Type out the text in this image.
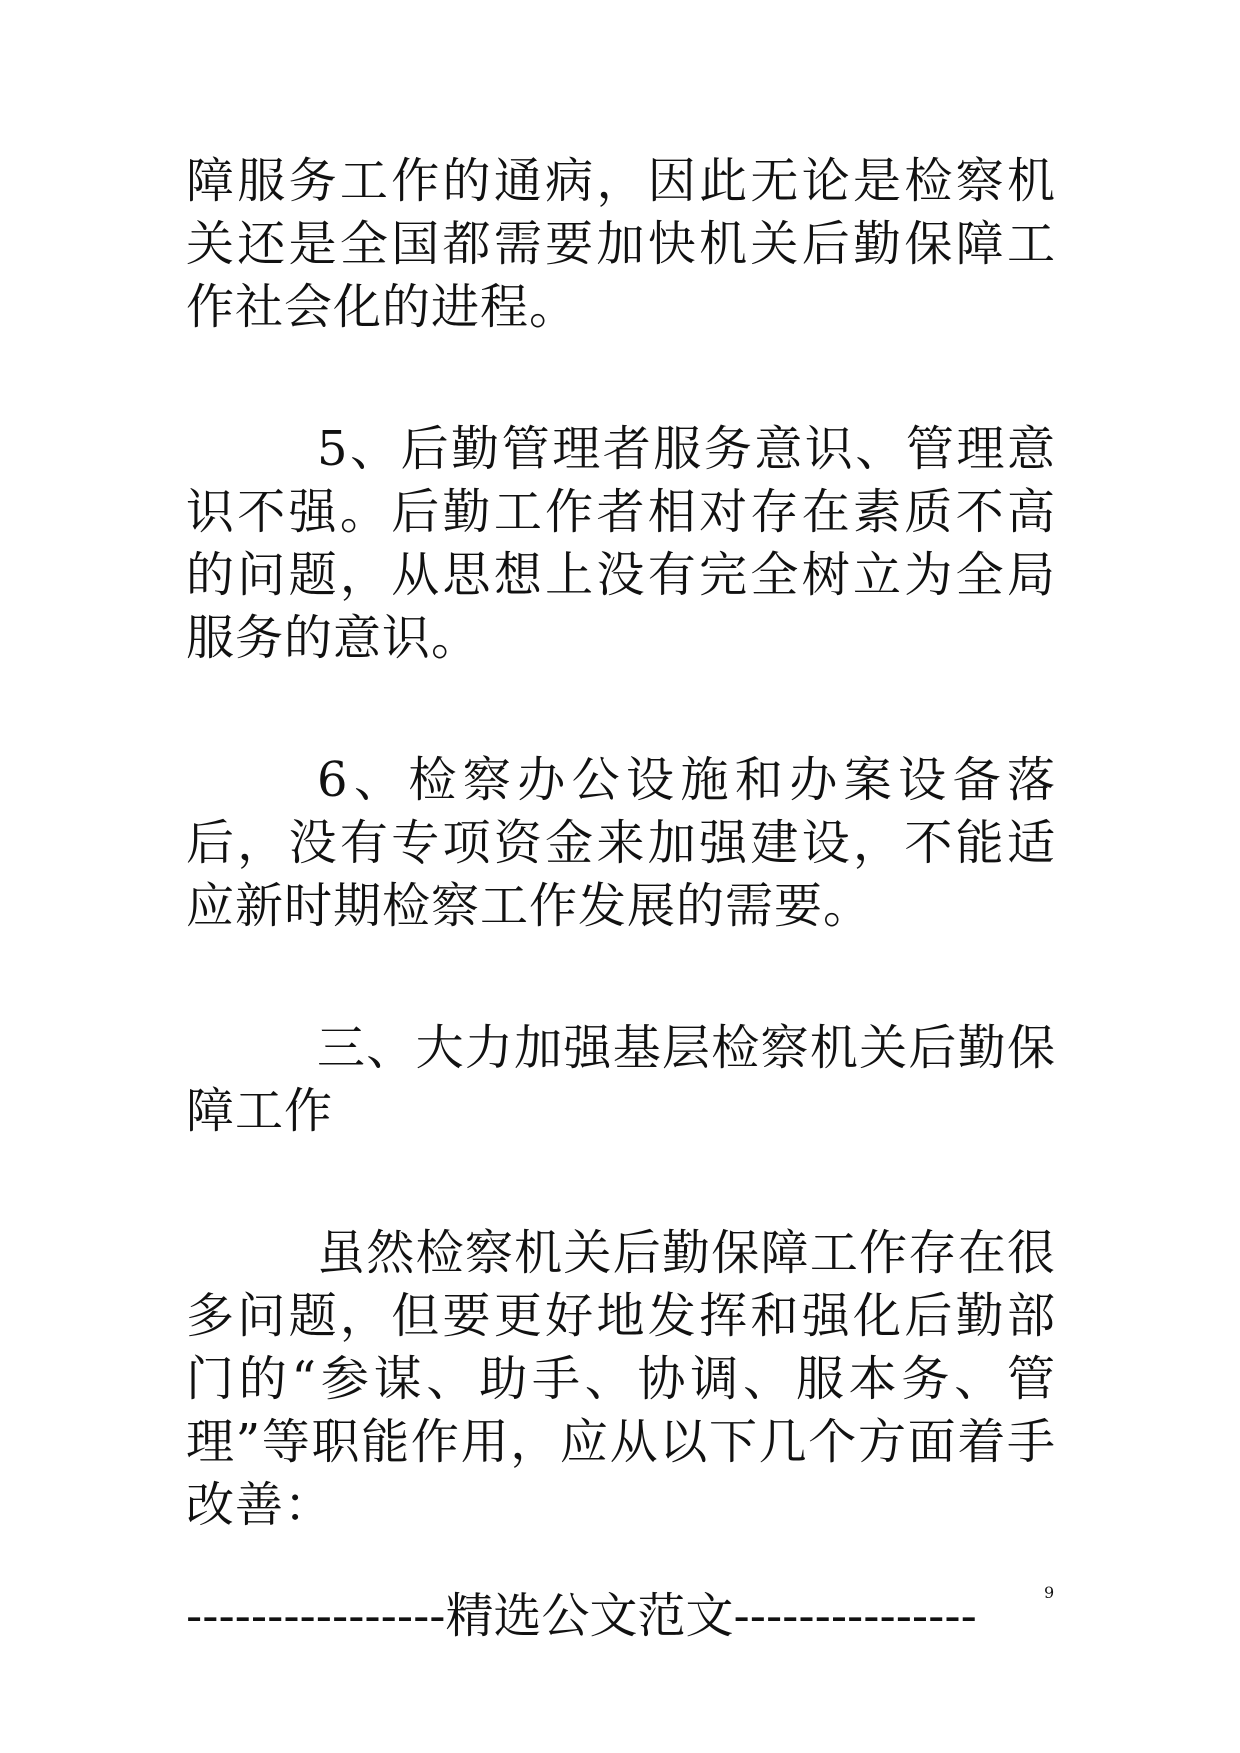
障服务工作的通病，因此无论是检察机关还是全国都需要加快机关后勤保障工作社会化的进程。

5、后勤管理者服务意识、管理意识不强。后勤工作者相对存在素质不高的问题，从思想上没有完全树立为全局服务的意识。

6、检察办公设施和办案设备落后，没有专项资金来加强建设，不能适应新时期检察工作发展的需要。

三、大力加强基层检察机关后勤保障工作

虽然检察机关后勤保障工作存在很多问题，但要更好地发挥和强化后勤部门的“参谋、助手、协调、服本务、管理”等职能作用，应从以下几个方面着手改善：

----------------精选公文范文---------------	9
